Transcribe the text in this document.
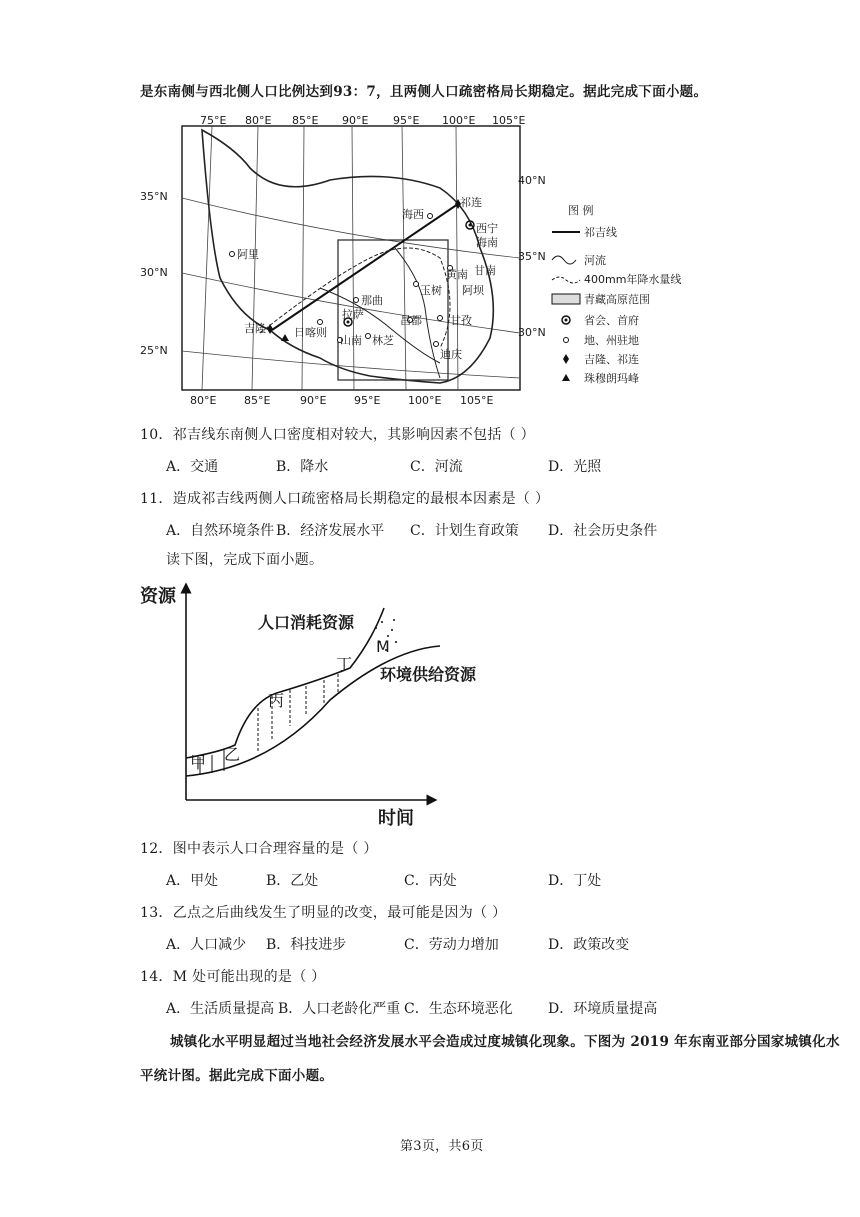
是东南侧与西北侧人口比例达到93：7，且两侧人口疏密格局长期稳定。据此完成下面小题。
75°E 80°E 85°E 90°E 95°E 100°E 105°E
80°E	85°E	90°E	95°E	100°E 105°E
35°N
30°N
25°N
祁连
海西
西宁
海南
黄南 甘南
阿里
那曲
玉树 阿坝
拉萨	昌都	甘孜
吉隆	日喀则
山南 林芝
迪庆
40°N
35°N
30°N
图 例
祁吉线
河流
400mm年降水量线
青藏高原范围
省会、首府
地、州驻地
吉隆、祁连
珠穆朗玛峰
10．祁吉线东南侧人口密度相对较大，其影响因素不包括（ ）
A．交通	B．降水	C．河流	D．光照
11．造成祁吉线两侧人口疏密格局长期稳定的最根本因素是（ ）
A．自然环境条件 B．经济发展水平 C．计划生育政策 D．社会历史条件
读下图，完成下面小题。
资源
时间
人口消耗资源
环境供给资源
甲 乙
丙
丁
M
12．图中表示人口合理容量的是（ ）
A．甲处	B．乙处	C．丙处	D．丁处
13．乙点之后曲线发生了明显的改变，最可能是因为（ ）
A．人口减少 B．科技进步	C．劳动力增加	D．政策改变
14．M 处可能出现的是（ ）
A．生活质量提高 B．人口老龄化严重 C．生态环境恶化	D．环境质量提高
城镇化水平明显超过当地社会经济发展水平会造成过度城镇化现象。下图为 2019 年东南亚部分国家城镇化水
平统计图。据此完成下面小题。
第3页，共6页
